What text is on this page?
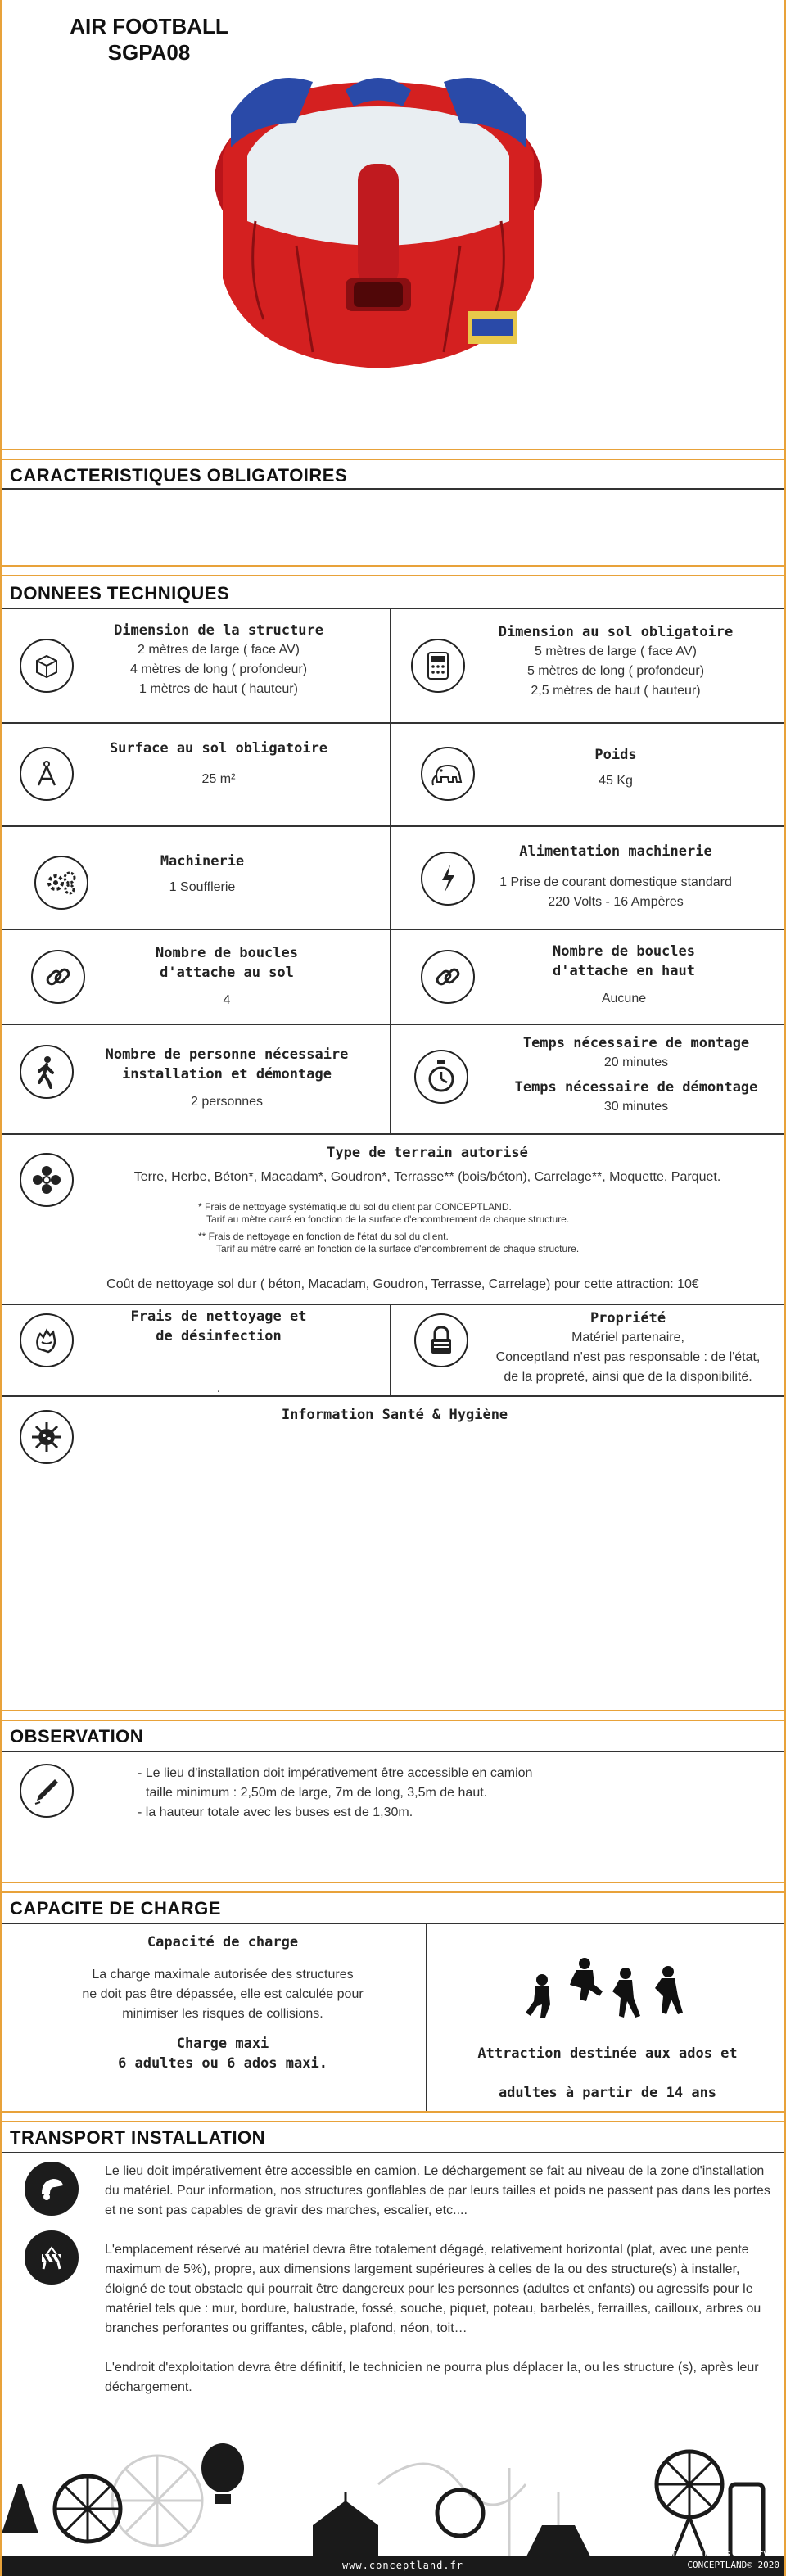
AIR FOOTBALL
SGPA08
CARACTERISTIQUES OBLIGATOIRES
DONNEES TECHNIQUES
Dimension de la structure
2 mètres de large ( face AV)
4 mètres de long ( profondeur)
1 mètres de haut ( hauteur)
Dimension au sol obligatoire
5 mètres de large ( face AV)
5 mètres de long ( profondeur)
2,5 mètres de haut ( hauteur)
Surface au sol obligatoire
25 m²
Poids
45 Kg
Machinerie
1 Soufflerie
Alimentation machinerie
1 Prise de courant domestique standard
220 Volts - 16 Ampères
Nombre de boucles
d'attache au sol
4
Nombre de boucles
d'attache en haut
Aucune
Nombre de personne nécessaire
installation et démontage
2 personnes
Temps nécessaire de montage
20 minutes
Temps nécessaire de démontage
30 minutes
Type de terrain autorisé
Terre, Herbe, Béton*, Macadam*, Goudron*, Terrasse** (bois/béton), Carrelage**, Moquette, Parquet.
* Frais de nettoyage systématique du sol du client par CONCEPTLAND.
Tarif au mètre carré en fonction de la surface d'encombrement de chaque structure.
** Frais de nettoyage en fonction de l'état du sol du client.
Tarif au mètre carré en fonction de la surface d'encombrement de chaque structure.
Coût de nettoyage sol dur ( béton, Macadam, Goudron, Terrasse, Carrelage) pour cette attraction: 10€
Frais de nettoyage et
de désinfection
.
Propriété
Matériel partenaire,
Conceptland n'est pas responsable : de l'état,
de la propreté, ainsi que de la disponibilité.
Information Santé & Hygiène
OBSERVATION
- Le lieu d'installation doit impérativement être accessible en camion
taille minimum : 2,50m de large, 7m de long, 3,5m de haut.
- la hauteur totale avec les buses est de 1,30m.
CAPACITE DE CHARGE
Capacité de charge
La charge maximale autorisée des structures
ne doit pas être dépassée, elle est calculée pour
minimiser les risques de collisions.
Charge maxi
6 adultes ou 6 ados maxi.

Attraction destinée aux ados et

adultes à partir de 14 ans

TRANSPORT INSTALLATION

Le lieu doit impérativement être accessible en camion. Le déchargement se fait au niveau de la zone d'installation du matériel. Pour information, nos structures gonflables de par leurs tailles et poids ne passent pas dans les portes et ne sont pas capables de gravir des marches, escalier, etc....

L'emplacement réservé au matériel devra être totalement dégagé, relativement horizontal (plat, avec une pente maximum de 5%), propre, aux dimensions largement supérieures à celles de la ou des structure(s) à installer, éloigné de tout obstacle qui pourrait être dangereux pour les personnes (adultes et enfants) ou agressifs pour le matériel tels que : mur, bordure, balustrade, fossé, souche, piquet, poteau, barbelés, ferrailles, cailloux, arbres ou branches perforantes ou griffantes, câble, plafond, néon, toit…

L'endroit d'exploitation devra être définitif, le technicien ne pourra plus déplacer la, ou les structure (s), après leur déchargement.

www.conceptland.fr
Tous droits réservés
CONCEPTLAND© 2020
